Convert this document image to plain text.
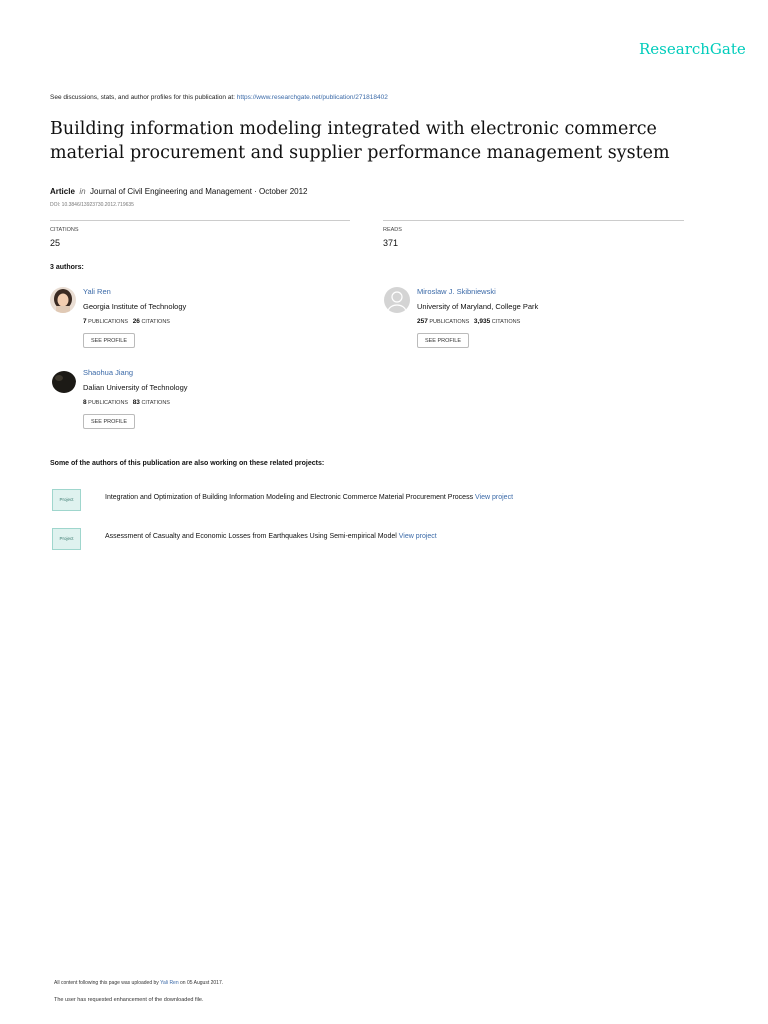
ResearchGate
See discussions, stats, and author profiles for this publication at: https://www.researchgate.net/publication/271818402
Building information modeling integrated with electronic commerce material procurement and supplier performance management system
Article in Journal of Civil Engineering and Management · October 2012
DOI: 10.3846/13923730.2012.719635
CITATIONS
25
READS
371
3 authors:
Yali Ren
Georgia Institute of Technology
7 PUBLICATIONS 26 CITATIONS
SEE PROFILE
Miroslaw J. Skibniewski
University of Maryland, College Park
257 PUBLICATIONS 3,935 CITATIONS
SEE PROFILE
Shaohua Jiang
Dalian University of Technology
8 PUBLICATIONS 83 CITATIONS
SEE PROFILE
Some of the authors of this publication are also working on these related projects:
Project	Integration and Optimization of Building Information Modeling and Electronic Commerce Material Procurement Process View project
Project	Assessment of Casualty and Economic Losses from Earthquakes Using Semi-empirical Model View project
All content following this page was uploaded by Yali Ren on 05 August 2017.
The user has requested enhancement of the downloaded file.
